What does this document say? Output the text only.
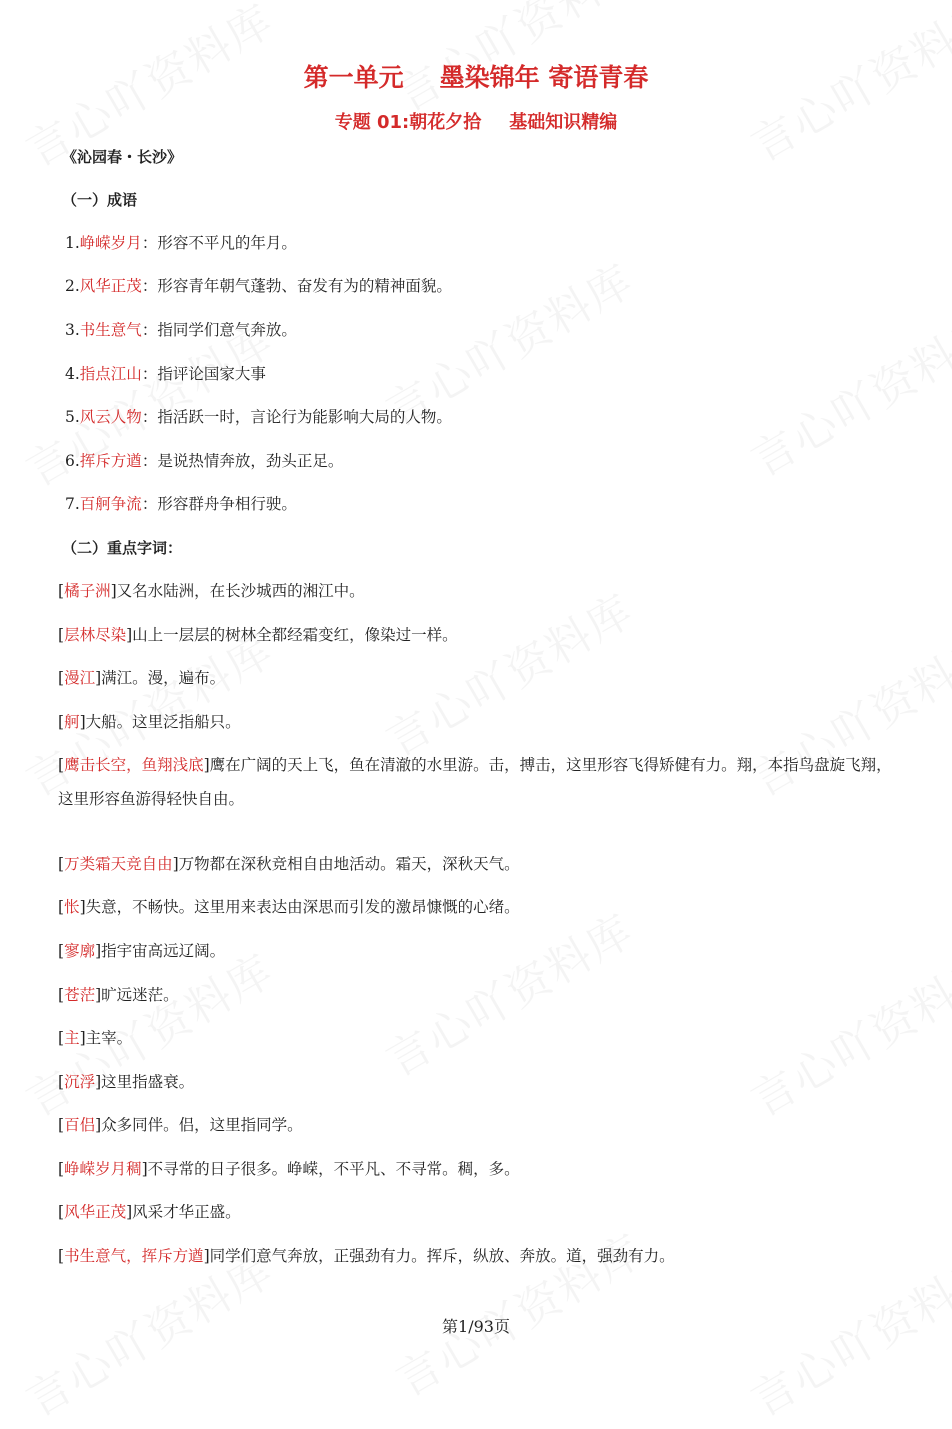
第一单元 墨染锦年 寄语青春
专题 01:朝花夕拾 基础知识精编
《沁园春・长沙》
（一）成语
1.峥嵘岁月：形容不平凡的年月。
2.风华正茂：形容青年朝气蓬勃、奋发有为的精神面貌。
3.书生意气：指同学们意气奔放。
4.指点江山：指评论国家大事
5.风云人物：指活跃一时，言论行为能影响大局的人物。
6.挥斥方遒：是说热情奔放，劲头正足。
7.百舸争流：形容群舟争相行驶。
（二）重点字词：
[橘子洲]又名水陆洲，在长沙城西的湘江中。
[层林尽染]山上一层层的树林全都经霜变红，像染过一样。
[漫江]满江。漫，遍布。
[舸]大船。这里泛指船只。
[鹰击长空，鱼翔浅底]鹰在广阔的天上飞，鱼在清澈的水里游。击，搏击，这里形容飞得矫健有力。翔，本指鸟盘旋飞翔，这里形容鱼游得轻快自由。
[万类霜天竞自由]万物都在深秋竞相自由地活动。霜天，深秋天气。
[怅]失意，不畅快。这里用来表达由深思而引发的激昂慷慨的心绪。
[寥廓]指宇宙高远辽阔。
[苍茫]旷远迷茫。
[主]主宰。
[沉浮]这里指盛衰。
[百侣]众多同伴。侣，这里指同学。
[峥嵘岁月稠]不寻常的日子很多。峥嵘，不平凡、不寻常。稠，多。
[风华正茂]风采才华正盛。
[书生意气，挥斥方遒]同学们意气奔放，正强劲有力。挥斥，纵放、奔放。道，强劲有力。
第1/93页
